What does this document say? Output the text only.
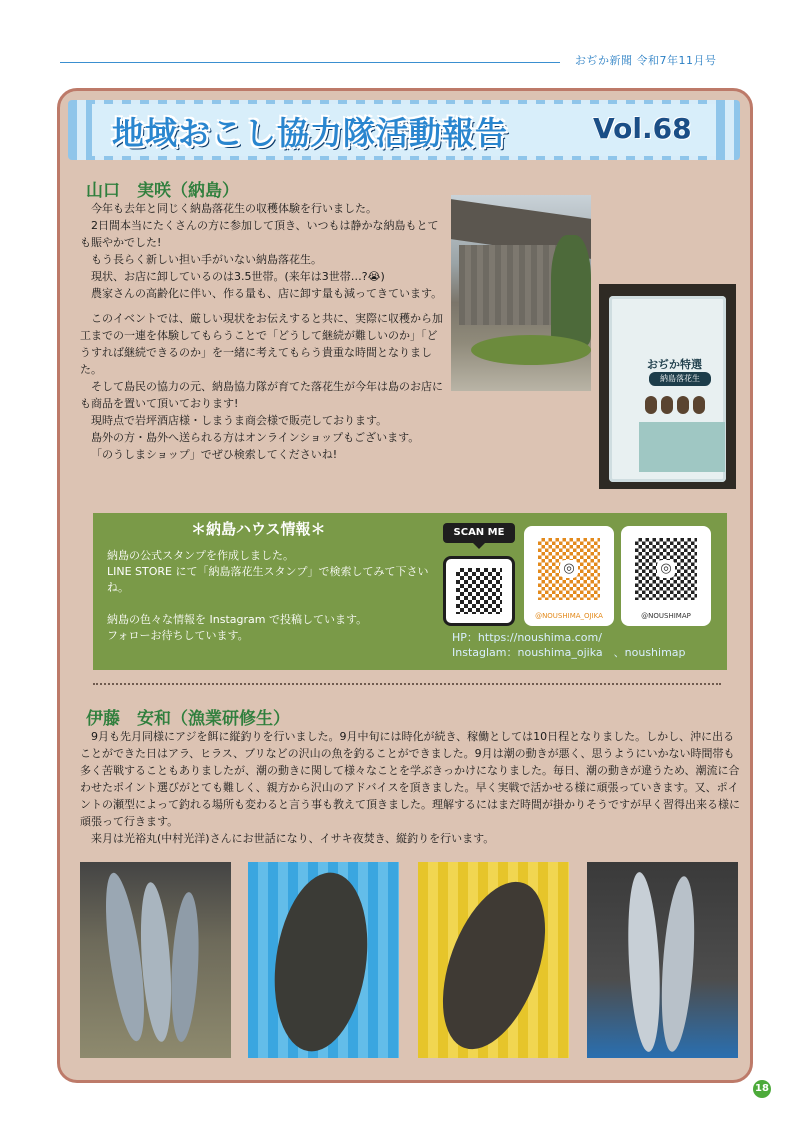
おぢか新聞 令和7年11月号
地域おこし協力隊活動報告	Vol.68
山口　実咲（納島）

今年も去年と同じく納島落花生の収穫体験を行いました。

2日間本当にたくさんの方に参加して頂き、いつもは静かな納島もとても賑やかでした!

もう長らく新しい担い手がいない納島落花生。

現状、お店に卸しているのは3.5世帯。(来年は3世帯…?😭)

農家さんの高齢化に伴い、作る量も、店に卸す量も減ってきています。

このイベントでは、厳しい現状をお伝えすると共に、実際に収穫から加工までの一連を体験してもらうことで「どうして継続が難しいのか」「どうすれば継続できるのか」を一緒に考えてもらう貴重な時間となりました。

そして島民の協力の元、納島協力隊が育てた落花生が今年は島のお店にも商品を置いて頂いております!

現時点で岩坪酒店様・しまうま商会様で販売しております。

島外の方・島外へ送られる方はオンラインショップもございます。

「のうしまショップ」でぜひ検索してくださいね!

おぢか特選
納島落花生
＊納島ハウス情報＊

納島の公式スタンプを作成しました。

LINE STORE にて「納島落花生スタンプ」で検索してみて下さいね。

納島の色々な情報を Instagram で投稿しています。

フォローお待ちしています。

SCAN ME
◎
@NOUSHIMA_OJIKA
◎
@NOUSHIMAP

HP：https://noushima.com/

Instaglam：noushima_ojika　、noushimap

伊藤　安和（漁業研修生）

9月も先月同様にアジを餌に縦釣りを行いました。9月中旬には時化が続き、稼働としては10日程となりました。しかし、沖に出ることができた日はアラ、ヒラス、ブリなどの沢山の魚を釣ることができました。9月は潮の動きが悪く、思うようにいかない時間帯も多く苦戦することもありましたが、潮の動きに関して様々なことを学ぶきっかけになりました。毎日、潮の動きが違うため、潮流に合わせたポイント選びがとても難しく、親方から沢山のアドバイスを頂きました。早く実戦で活かせる様に頑張っていきます。又、ポイントの瀬型によって釣れる場所も変わると言う事も教えて頂きました。理解するにはまだ時間が掛かりそうですが早く習得出来る様に頑張って行きます。

来月は光裕丸(中村光洋)さんにお世話になり、イサキ夜焚き、縦釣りを行います。

18
